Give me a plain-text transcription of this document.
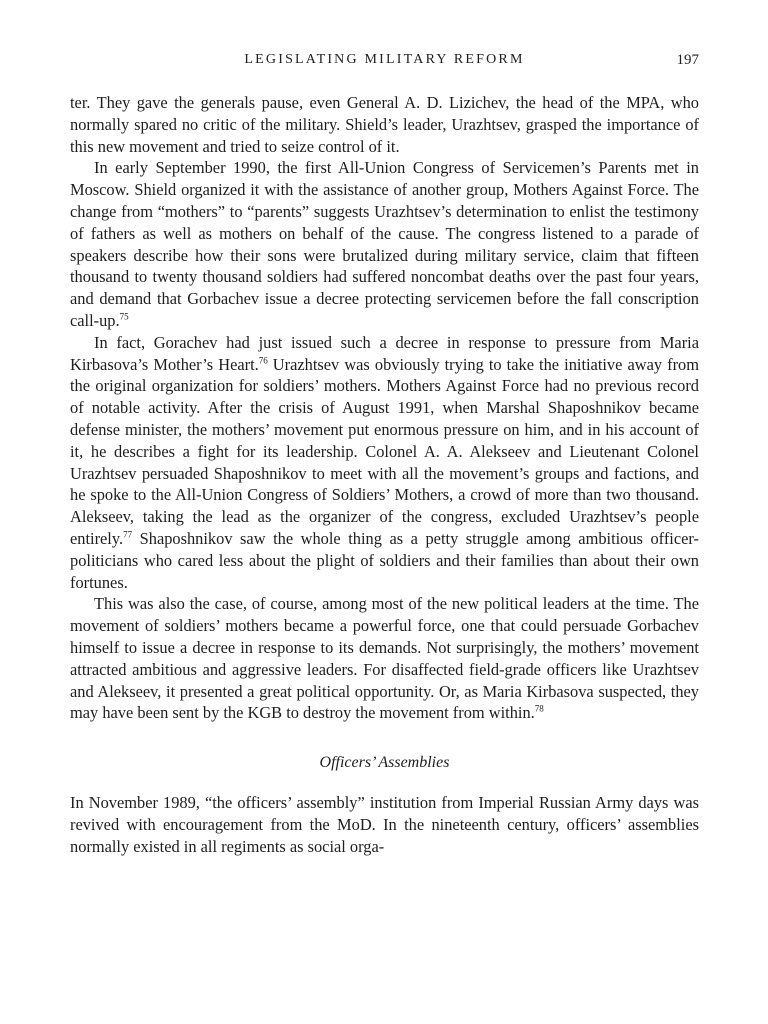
LEGISLATING MILITARY REFORM	197

ter. They gave the generals pause, even General A. D. Lizichev, the head of the MPA, who normally spared no critic of the military. Shield’s leader, Urazhtsev, grasped the importance of this new movement and tried to seize control of it.

In early September 1990, the first All-Union Congress of Servicemen’s Parents met in Moscow. Shield organized it with the assistance of another group, Mothers Against Force. The change from “mothers” to “parents” suggests Urazhtsev’s determination to enlist the testimony of fathers as well as mothers on behalf of the cause. The congress listened to a parade of speakers describe how their sons were brutalized during military service, claim that fifteen thousand to twenty thousand soldiers had suffered noncombat deaths over the past four years, and demand that Gorbachev issue a decree protecting servicemen before the fall conscription call-up.$^{75}$

In fact, Gorachev had just issued such a decree in response to pressure from Maria Kirbasova’s Mother’s Heart.$^{76}$ Urazhtsev was obviously trying to take the initiative away from the original organization for soldiers’ mothers. Mothers Against Force had no previous record of notable activity. After the crisis of August 1991, when Marshal Shaposhnikov became defense minister, the mothers’ movement put enormous pressure on him, and in his account of it, he describes a fight for its leadership. Colonel A. A. Alekseev and Lieutenant Colonel Urazhtsev persuaded Shaposhnikov to meet with all the movement’s groups and factions, and he spoke to the All-Union Congress of Soldiers’ Mothers, a crowd of more than two thousand. Alekseev, taking the lead as the organizer of the congress, excluded Urazhtsev’s people entirely.$^{77}$ Shaposhnikov saw the whole thing as a petty struggle among ambitious officer-politicians who cared less about the plight of soldiers and their families than about their own fortunes.

This was also the case, of course, among most of the new political leaders at the time. The movement of soldiers’ mothers became a powerful force, one that could persuade Gorbachev himself to issue a decree in response to its demands. Not surprisingly, the mothers’ movement attracted ambitious and aggressive leaders. For disaffected field-grade officers like Urazhtsev and Alekseev, it presented a great political opportunity. Or, as Maria Kirbasova suspected, they may have been sent by the KGB to destroy the movement from within.$^{78}$

Officers’ Assemblies

In November 1989, “the officers’ assembly” institution from Imperial Russian Army days was revived with encouragement from the MoD. In the nineteenth century, officers’ assemblies normally existed in all regiments as social orga-
